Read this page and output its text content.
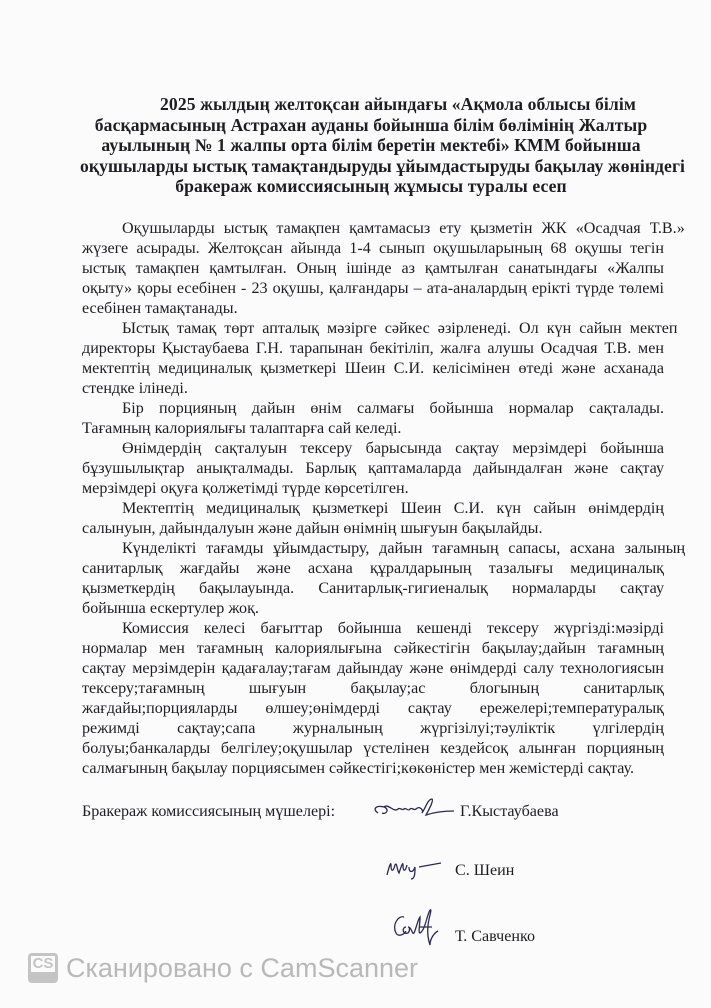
2025 жылдың желтоқсан айындағы «Ақмола облысы білім
басқармасының Астрахан ауданы бойынша білім бөлімінің Жалтыр
ауылының № 1 жалпы орта білім беретін мектебі» КММ бойынша
оқушыларды ыстық тамақтандыруды ұйымдастыруды бақылау жөніндегі
бракераж комиссиясының жұмысы туралы есеп
Оқушыларды ыстық тамақпен қамтамасыз ету қызметін ЖК «Осадчая Т.В.»
жүзеге асырады. Желтоқсан айында 1-4 сынып оқушыларының 68 оқушы тегін
ыстық тамақпен қамтылған. Оның ішінде аз қамтылған санатындағы «Жалпы
оқыту» қоры есебінен - 23 оқушы, қалғандары – ата-аналардың ерікті түрде төлемі
есебінен тамақтанады.
Ыстық тамақ төрт апталық мәзірге сәйкес әзірленеді. Ол күн сайын мектеп
директоры Қыстаубаева Г.Н. тарапынан бекітіліп, жалға алушы Осадчая Т.В. мен
мектептің медициналық қызметкері Шеин С.И. келісімінен өтеді және асханада
стендке ілінеді.
Бір порцияның дайын өнім салмағы бойынша нормалар сақталады.
Тағамның калориялығы талаптарға сай келеді.
Өнімдердің сақталуын тексеру барысында сақтау мерзімдері бойынша
бұзушылықтар анықталмады. Барлық қаптамаларда дайындалған және сақтау
мерзімдері оқуға қолжетімді түрде көрсетілген.
Мектептің медициналық қызметкері Шеин С.И. күн сайын өнімдердің
салынуын, дайындалуын және дайын өнімнің шығуын бақылайды.
Күнделікті тағамды ұйымдастыру, дайын тағамның сапасы, асхана залының
санитарлық жағдайы және асхана құралдарының тазалығы медициналық
қызметкердің бақылауында. Санитарлық-гигиеналық нормаларды сақтау
бойынша ескертулер жоқ.
Комиссия келесі бағыттар бойынша кешенді тексеру жүргізді:мәзірді
нормалар мен тағамның калориялығына сәйкестігін бақылау;дайын тағамның
сақтау мерзімдерін қадағалау;тағам дайындау және өнімдерді салу технологиясын
тексеру;тағамның шығуын бақылау;ас блогының санитарлық
жағдайы;порцияларды өлшеу;өнімдерді сақтау ережелері;температуралық
режимді сақтау;сапа журналының жүргізілуі;тәуліктік үлгілердің
болуы;банкаларды белгілеу;оқушылар үстелінен кездейсоқ алынған порцияның
салмағының бақылау порциясымен сәйкестігі;көкөністер мен жемістерді сақтау.
Бракераж комиссиясының мүшелері:	Г.Кыстаубаева
С. Шеин
Т. Савченко
CS Сканировано с CamScanner
